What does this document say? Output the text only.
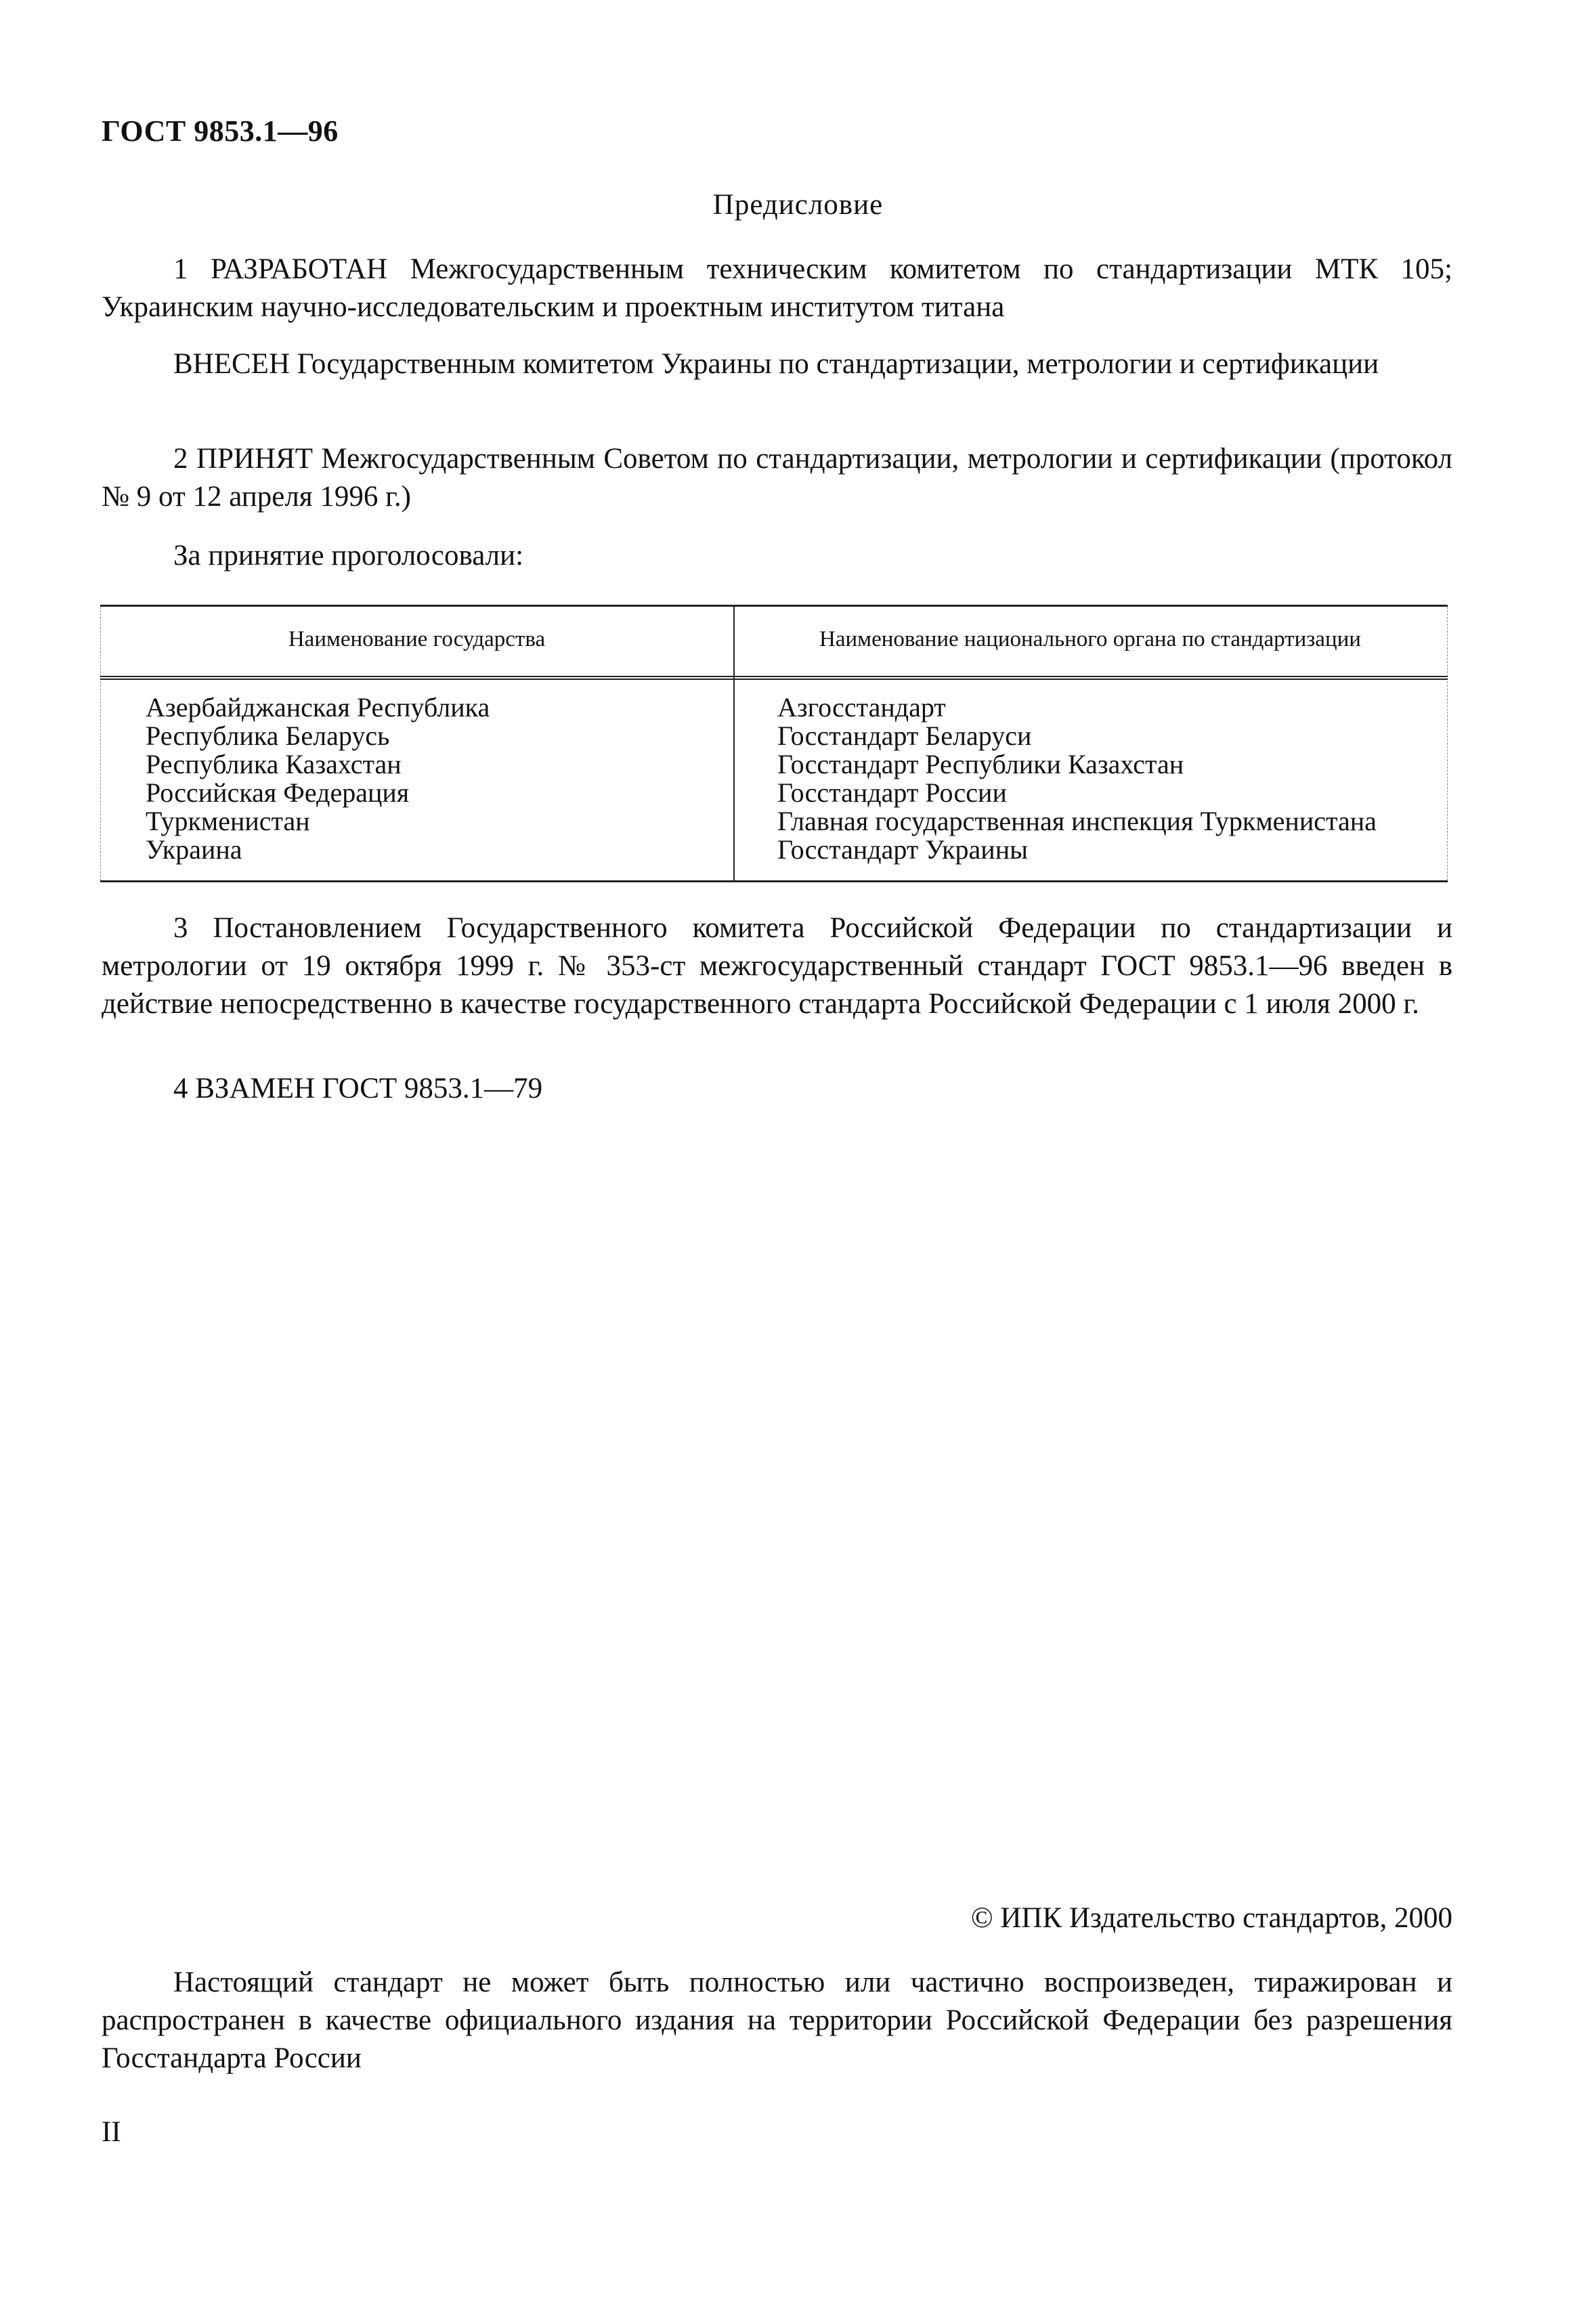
ГОСТ 9853.1—96
Предисловие

1 РАЗРАБОТАН Межгосударственным техническим комитетом по стандартизации МТК 105; Украинским научно-исследовательским и проектным институтом титана

ВНЕСЕН Государственным комитетом Украины по стандартизации, метрологии и сертификации

2 ПРИНЯТ Межгосударственным Советом по стандартизации, метрологии и сертификации (протокол № 9 от 12 апреля 1996 г.)

За принятие проголосовали:

Наименование государства	Наименование национального органа по стандартизации
Азербайджанская Республика
Республика Беларусь
Республика Казахстан
Российская Федерация
Туркменистан
Украина
Азгосстандарт
Госстандарт Беларуси
Госстандарт Республики Казахстан
Госстандарт России
Главная государственная инспекция Туркменистана
Госстандарт Украины

3 Постановлением Государственного комитета Российской Федерации по стандартизации и метрологии от 19 октября 1999 г. № 353-ст межгосударственный стандарт ГОСТ 9853.1—96 введен в действие непосредственно в качестве государственного стандарта Российской Федерации с 1 июля 2000 г.

4 ВЗАМЕН ГОСТ 9853.1—79

© ИПК Издательство стандартов, 2000

Настоящий стандарт не может быть полностью или частично воспроизведен, тиражирован и распространен в качестве официального издания на территории Российской Федерации без разрешения Госстандарта России

II
